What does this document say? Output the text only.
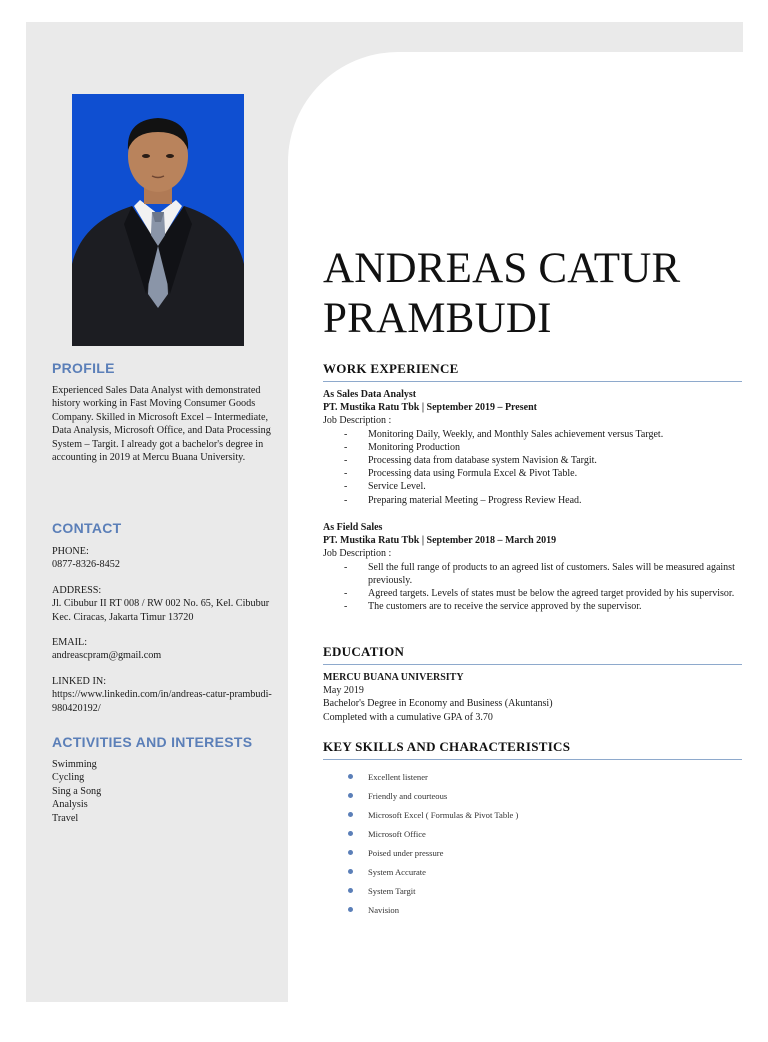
PROFILE

Experienced Sales Data Analyst with demonstrated history working in Fast Moving Consumer Goods Company. Skilled in Microsoft Excel – Intermediate, Data Analysis, Microsoft Office, and Data Processing System – Targit. I already got a bachelor's degree in accounting in 2019 at Mercu Buana University.

CONTACT

PHONE:

0877-8326-8452

ADDRESS:

Jl. Cibubur II RT 008 / RW 002 No. 65, Kel. Cibubur Kec. Ciracas, Jakarta Timur 13720

EMAIL:

andreascpram@gmail.com

LINKED IN:

https://www.linkedin.com/in/andreas-catur-prambudi-980420192/

ACTIVITIES AND INTERESTS

Swimming

Cycling

Sing a Song

Analysis

Travel

ANDREAS CATUR
PRAMBUDI
WORK EXPERIENCE

As Sales Data Analyst

PT. Mustika Ratu Tbk | September 2019 – Present

Job Description :

- Monitoring Daily, Weekly, and Monthly Sales achievement versus Target.
- Monitoring Production
- Processing data from database system Navision & Targit.
- Processing data using Formula Excel & Pivot Table.
- Service Level.
- Preparing material Meeting – Progress Review Head.

As Field Sales

PT. Mustika Ratu Tbk | September 2018 – March 2019

Job Description :

- Sell the full range of products to an agreed list of customers. Sales will be measured against previously.
- Agreed targets. Levels of states must be below the agreed target provided by his supervisor.
- The customers are to receive the service approved by the supervisor.
EDUCATION

MERCU BUANA UNIVERSITY

May 2019

Bachelor's Degree in Economy and Business (Akuntansi)

Completed with a cumulative GPA of 3.70

KEY SKILLS AND CHARACTERISTICS
Excellent listener
Friendly and courteous
Microsoft Excel ( Formulas & Pivot Table )
Microsoft Office
Poised under pressure
System Accurate
System Targit
Navision
